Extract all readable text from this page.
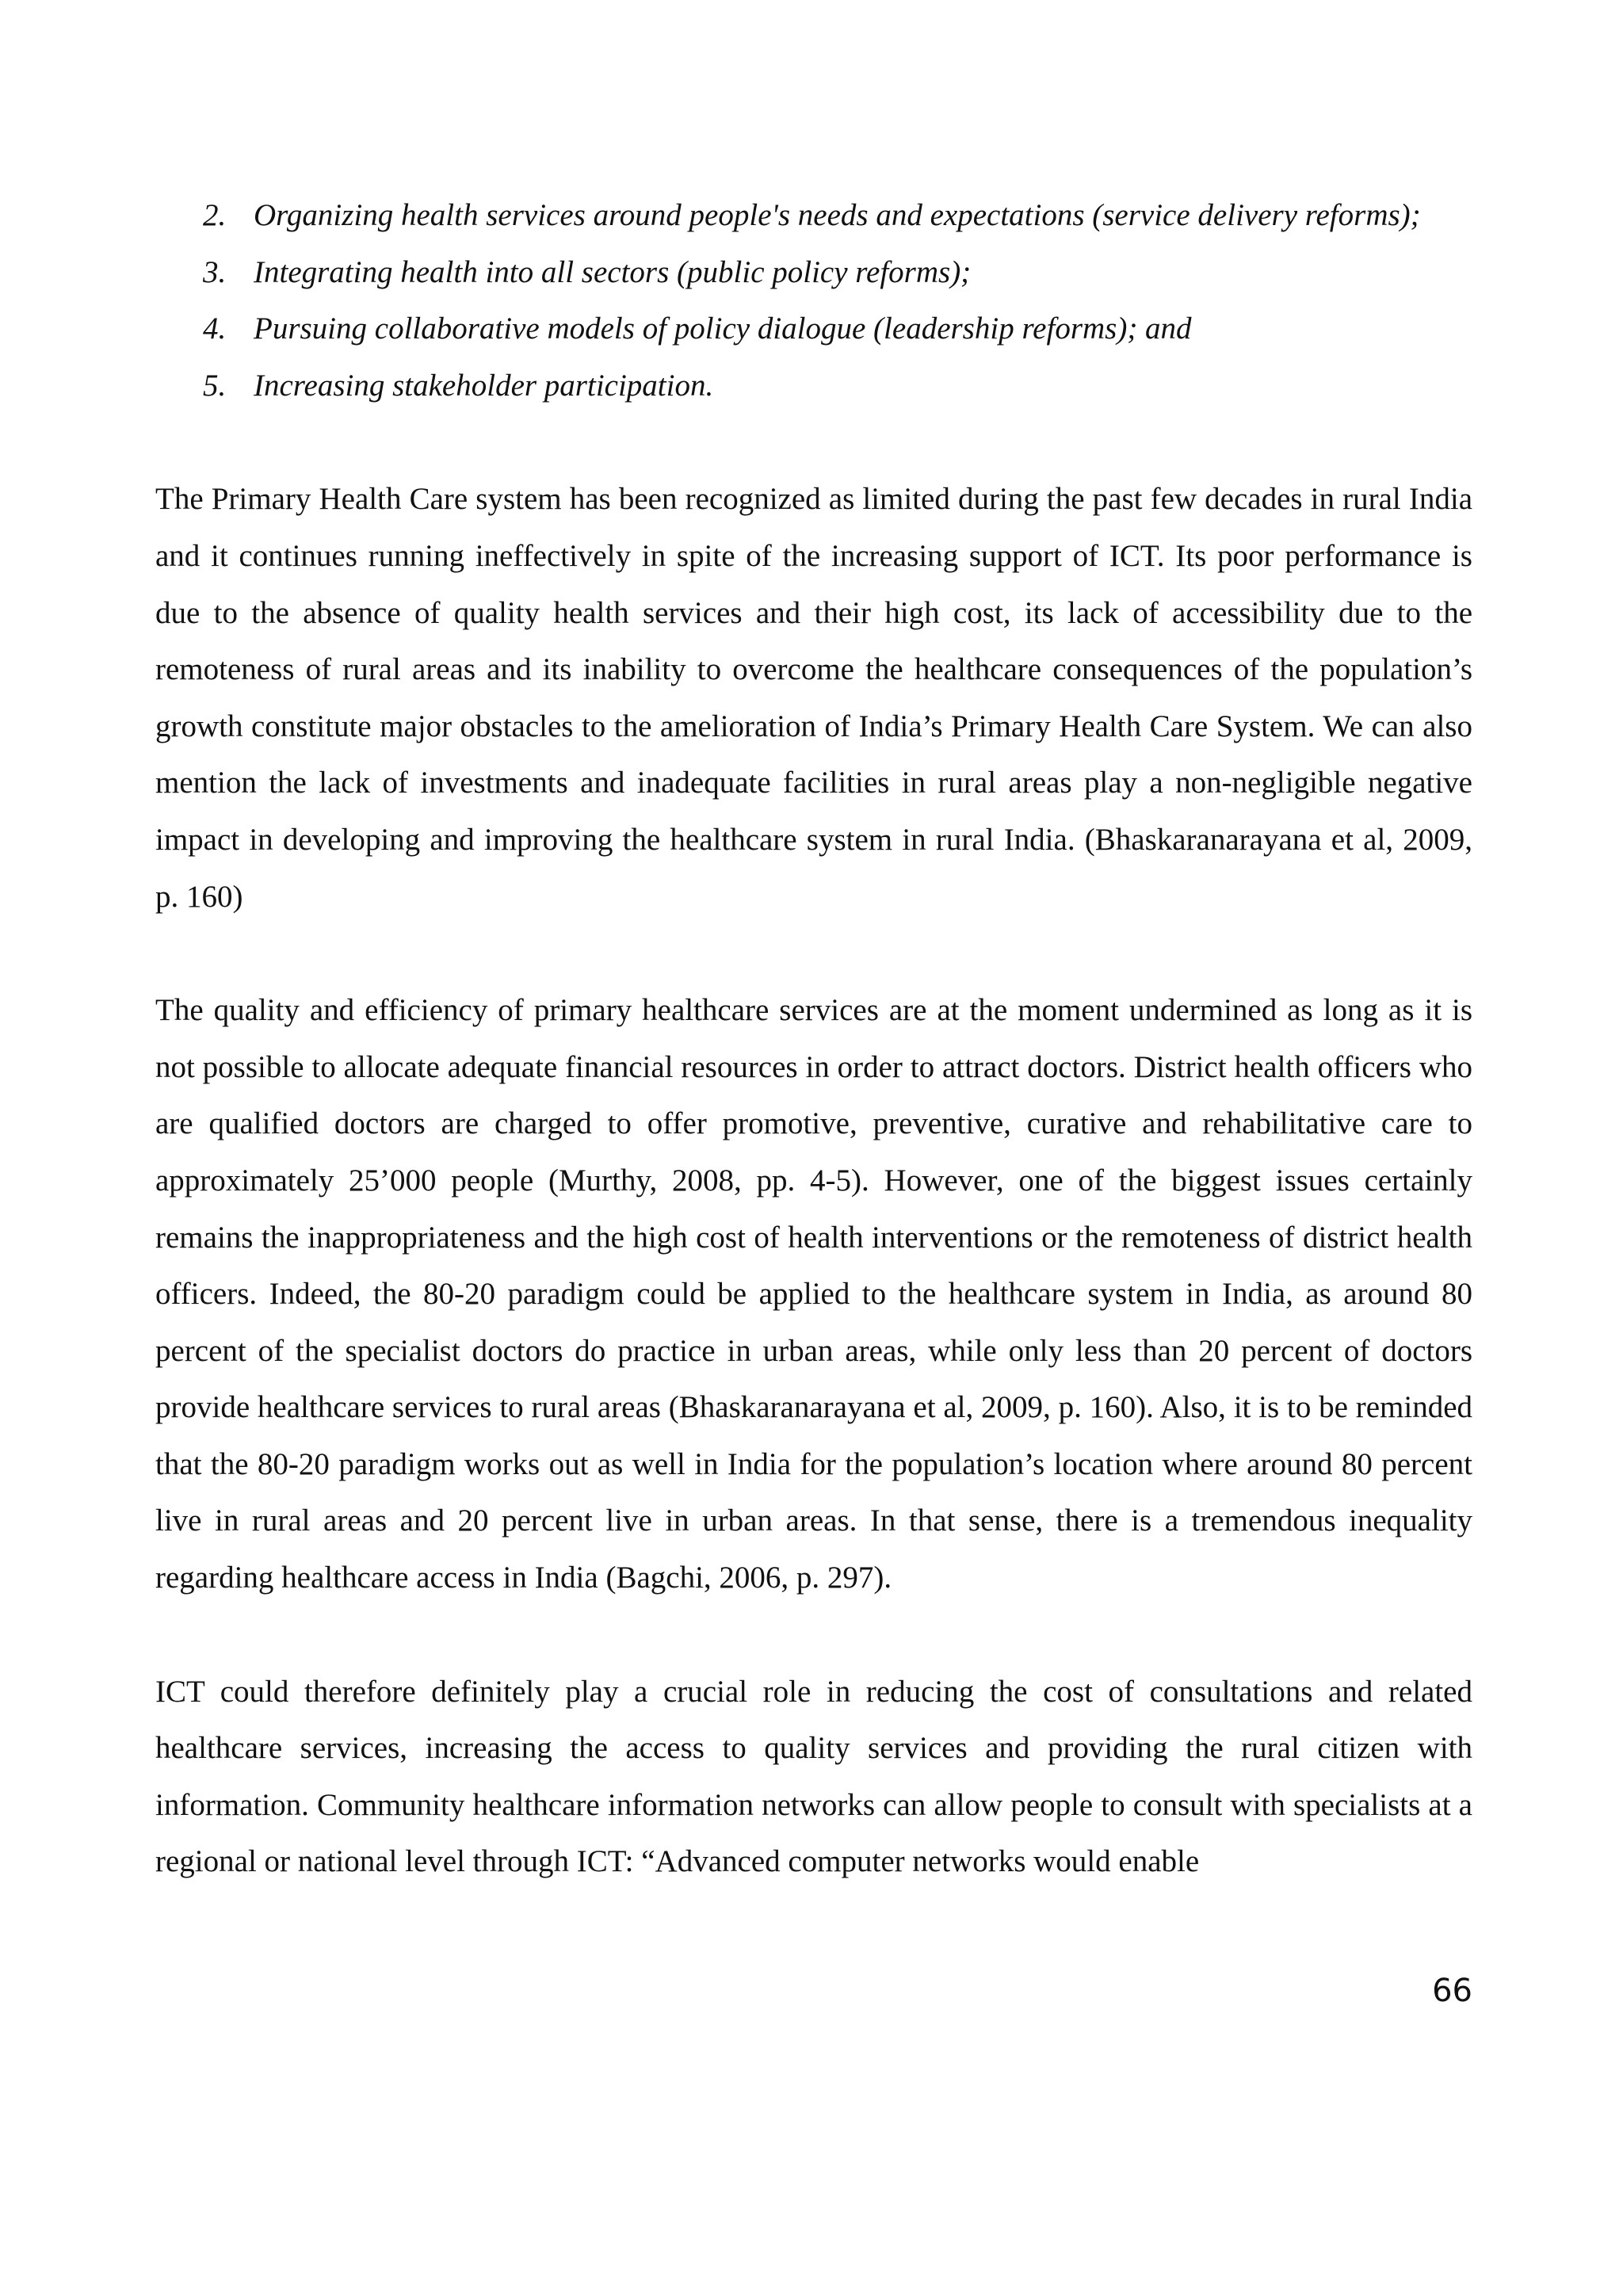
2. Organizing health services around people's needs and expectations (service delivery reforms);
3. Integrating health into all sectors (public policy reforms);
4. Pursuing collaborative models of policy dialogue (leadership reforms); and
5. Increasing stakeholder participation.

The Primary Health Care system has been recognized as limited during the past few decades in rural India and it continues running ineffectively in spite of the increasing support of ICT. Its poor performance is due to the absence of quality health services and their high cost, its lack of accessibility due to the remoteness of rural areas and its inability to overcome the healthcare consequences of the population’s growth constitute major obstacles to the amelioration of India’s Primary Health Care System. We can also mention the lack of investments and inadequate facilities in rural areas play a non-negligible negative impact in developing and improving the healthcare system in rural India. (Bhaskaranarayana et al, 2009, p. 160)

The quality and efficiency of primary healthcare services are at the moment undermined as long as it is not possible to allocate adequate financial resources in order to attract doctors. District health officers who are qualified doctors are charged to offer promotive, preventive, curative and rehabilitative care to approximately 25’000 people (Murthy, 2008, pp. 4-5). However, one of the biggest issues certainly remains the inappropriateness and the high cost of health interventions or the remoteness of district health officers. Indeed, the 80-20 paradigm could be applied to the healthcare system in India, as around 80 percent of the specialist doctors do practice in urban areas, while only less than 20 percent of doctors provide healthcare services to rural areas (Bhaskaranarayana et al, 2009, p. 160). Also, it is to be reminded that the 80-20 paradigm works out as well in India for the population’s location where around 80 percent live in rural areas and 20 percent live in urban areas. In that sense, there is a tremendous inequality regarding healthcare access in India (Bagchi, 2006, p. 297).

ICT could therefore definitely play a crucial role in reducing the cost of consultations and related healthcare services, increasing the access to quality services and providing the rural citizen with information. Community healthcare information networks can allow people to consult with specialists at a regional or national level through ICT: “Advanced computer networks would enable

66
